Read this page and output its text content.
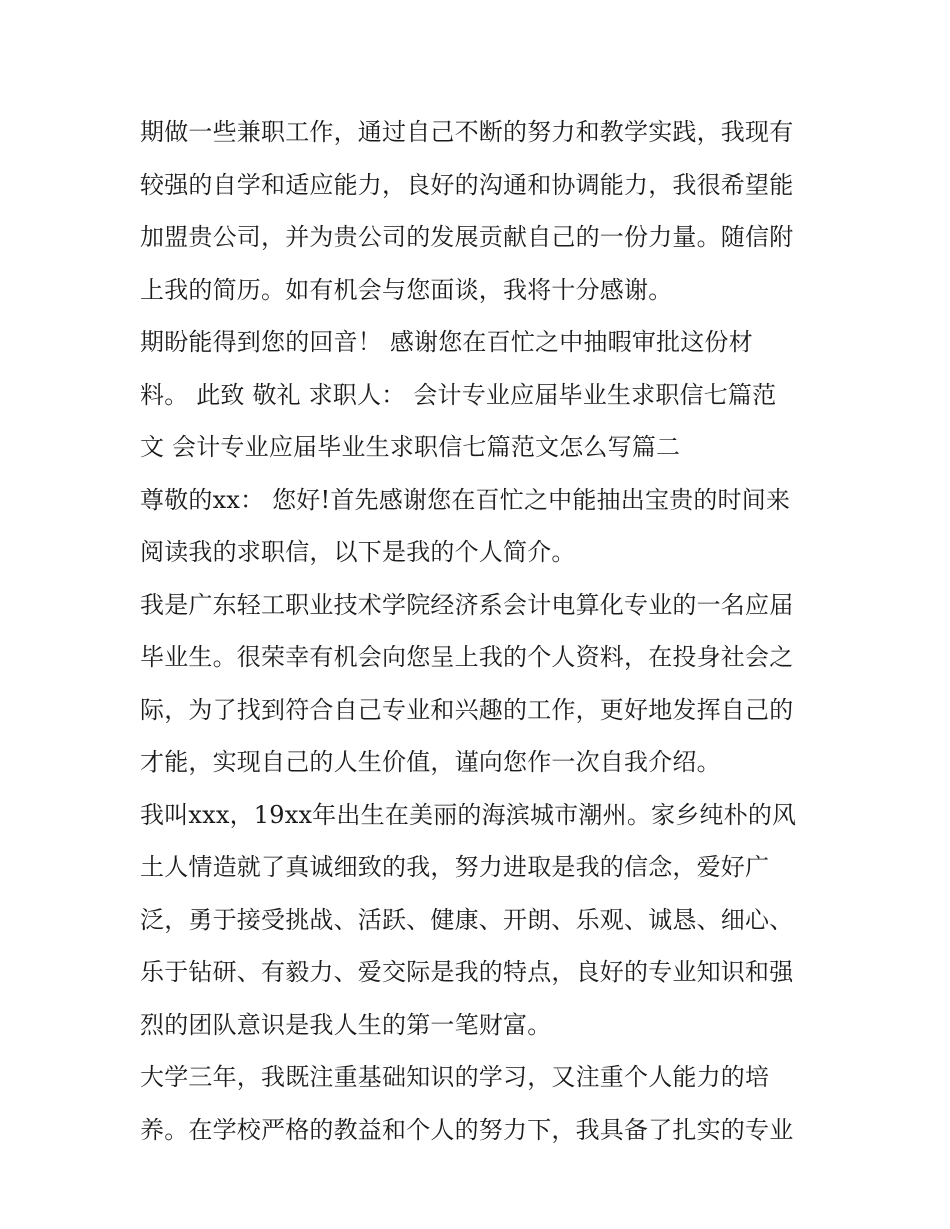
期做一些兼职工作，通过自己不断的努力和教学实践，我现有
较强的自学和适应能力，良好的沟通和协调能力，我很希望能
加盟贵公司，并为贵公司的发展贡献自己的一份力量。随信附
上我的简历。如有机会与您面谈，我将十分感谢。
期盼能得到您的回音！ 感谢您在百忙之中抽暇审批这份材
料。 此致 敬礼 求职人： 会计专业应届毕业生求职信七篇范
文 会计专业应届毕业生求职信七篇范文怎么写篇二
尊敬的xx： 您好!首先感谢您在百忙之中能抽出宝贵的时间来
阅读我的求职信，以下是我的个人简介。
我是广东轻工职业技术学院经济系会计电算化专业的一名应届
毕业生。很荣幸有机会向您呈上我的个人资料，在投身社会之
际，为了找到符合自己专业和兴趣的工作，更好地发挥自己的
才能，实现自己的人生价值，谨向您作一次自我介绍。
我叫xxx，19xx年出生在美丽的海滨城市潮州。家乡纯朴的风
土人情造就了真诚细致的我，努力进取是我的信念，爱好广
泛，勇于接受挑战、活跃、健康、开朗、乐观、诚恳、细心、
乐于钻研、有毅力、爱交际是我的特点，良好的专业知识和强
烈的团队意识是我人生的第一笔财富。
大学三年，我既注重基础知识的学习，又注重个人能力的培
养。在学校严格的教益和个人的努力下，我具备了扎实的专业
